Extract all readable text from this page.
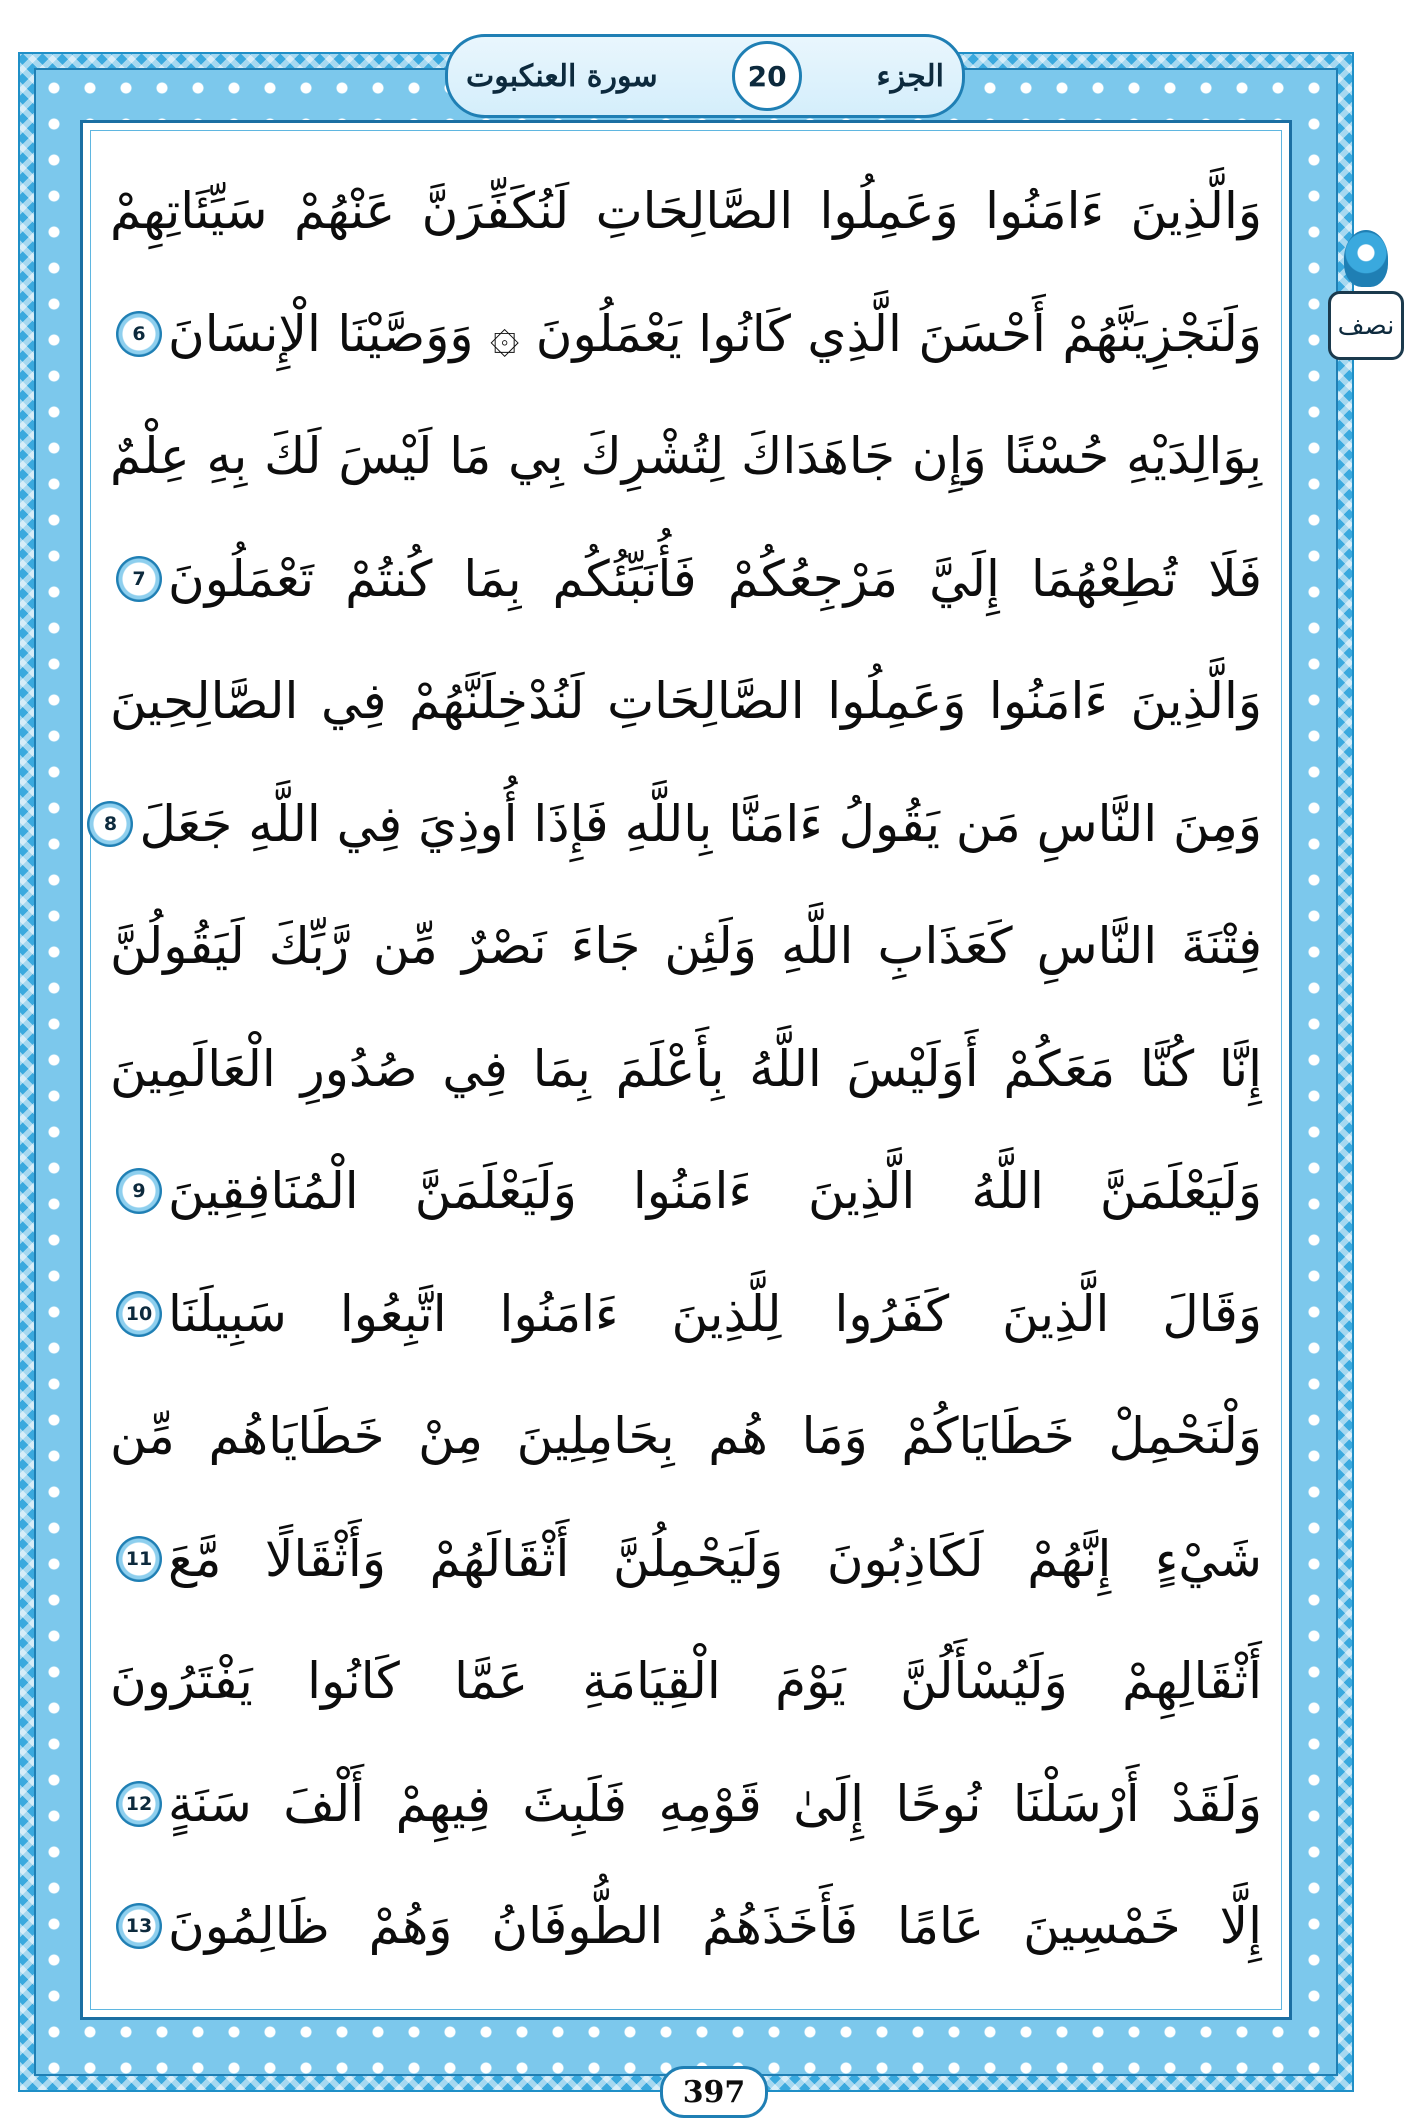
الجزء
20
سورة العنكبوت
نصف
وَالَّذِينَ ءَامَنُوا وَعَمِلُوا الصَّالِحَاتِ لَنُكَفِّرَنَّ عَنْهُمْ سَيِّئَاتِهِمْ
وَلَنَجْزِيَنَّهُمْ أَحْسَنَ الَّذِي كَانُوا يَعْمَلُونَ ۞ وَوَصَّيْنَا الْإِنسَانَ
6
بِوَالِدَيْهِ حُسْنًا وَإِن جَاهَدَاكَ لِتُشْرِكَ بِي مَا لَيْسَ لَكَ بِهِ عِلْمٌ
فَلَا تُطِعْهُمَا إِلَيَّ مَرْجِعُكُمْ فَأُنَبِّئُكُم بِمَا كُنتُمْ تَعْمَلُونَ
7
وَالَّذِينَ ءَامَنُوا وَعَمِلُوا الصَّالِحَاتِ لَنُدْخِلَنَّهُمْ فِي الصَّالِحِينَ
وَمِنَ النَّاسِ مَن يَقُولُ ءَامَنَّا بِاللَّهِ فَإِذَا أُوذِيَ فِي اللَّهِ جَعَلَ
8
فِتْنَةَ النَّاسِ كَعَذَابِ اللَّهِ وَلَئِن جَاءَ نَصْرٌ مِّن رَّبِّكَ لَيَقُولُنَّ
إِنَّا كُنَّا مَعَكُمْ أَوَلَيْسَ اللَّهُ بِأَعْلَمَ بِمَا فِي صُدُورِ الْعَالَمِينَ
وَلَيَعْلَمَنَّ اللَّهُ الَّذِينَ ءَامَنُوا وَلَيَعْلَمَنَّ الْمُنَافِقِينَ
9
وَقَالَ الَّذِينَ كَفَرُوا لِلَّذِينَ ءَامَنُوا اتَّبِعُوا سَبِيلَنَا
10
وَلْنَحْمِلْ خَطَايَاكُمْ وَمَا هُم بِحَامِلِينَ مِنْ خَطَايَاهُم مِّن
شَيْءٍ إِنَّهُمْ لَكَاذِبُونَ وَلَيَحْمِلُنَّ أَثْقَالَهُمْ وَأَثْقَالًا مَّعَ
11
أَثْقَالِهِمْ وَلَيُسْأَلُنَّ يَوْمَ الْقِيَامَةِ عَمَّا كَانُوا يَفْتَرُونَ
وَلَقَدْ أَرْسَلْنَا نُوحًا إِلَىٰ قَوْمِهِ فَلَبِثَ فِيهِمْ أَلْفَ سَنَةٍ
12
إِلَّا خَمْسِينَ عَامًا فَأَخَذَهُمُ الطُّوفَانُ وَهُمْ ظَالِمُونَ
13
397
